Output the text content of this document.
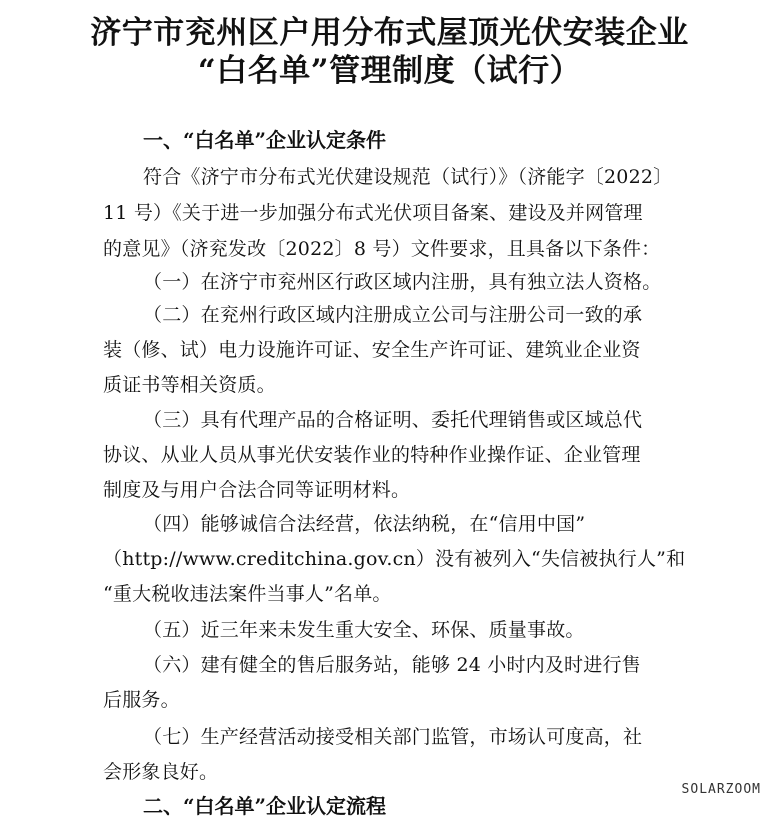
济宁市兖州区户用分布式屋顶光伏安装企业
“白名单”管理制度（试行）
一、“白名单”企业认定条件
符合《济宁市分布式光伏建设规范（试行）》（济能字〔2022〕
11 号）《关于进一步加强分布式光伏项目备案、建设及并网管理
的意见》（济兖发改〔2022〕8 号）文件要求，且具备以下条件：
（一）在济宁市兖州区行政区域内注册，具有独立法人资格。
（二）在兖州行政区域内注册成立公司与注册公司一致的承
装（修、试）电力设施许可证、安全生产许可证、建筑业企业资
质证书等相关资质。
（三）具有代理产品的合格证明、委托代理销售或区域总代
协议、从业人员从事光伏安装作业的特种作业操作证、企业管理
制度及与用户合法合同等证明材料。
（四）能够诚信合法经营，依法纳税，在“信用中国”
（http://www.creditchina.gov.cn）没有被列入“失信被执行人”和
“重大税收违法案件当事人”名单。
（五）近三年来未发生重大安全、环保、质量事故。
（六）建有健全的售后服务站，能够 24 小时内及时进行售
后服务。
（七）生产经营活动接受相关部门监管，市场认可度高，社
会形象良好。
二、“白名单”企业认定流程
SOLARZOOM
